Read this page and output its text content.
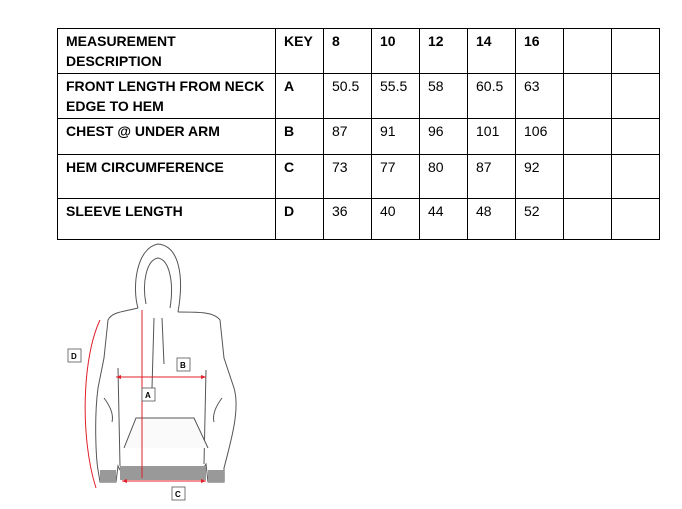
MEASUREMENT DESCRIPTION	KEY	8	10	12	14	16		
FRONT LENGTH FROM NECK EDGE TO HEM	A	50.5	55.5	58	60.5	63		
CHEST @ UNDER ARM	B	87	91	96	101	106		
HEM CIRCUMFERENCE	C	73	77	80	87	92		
SLEEVE LENGTH	D	36	40	44	48	52		
D
B
A
C
